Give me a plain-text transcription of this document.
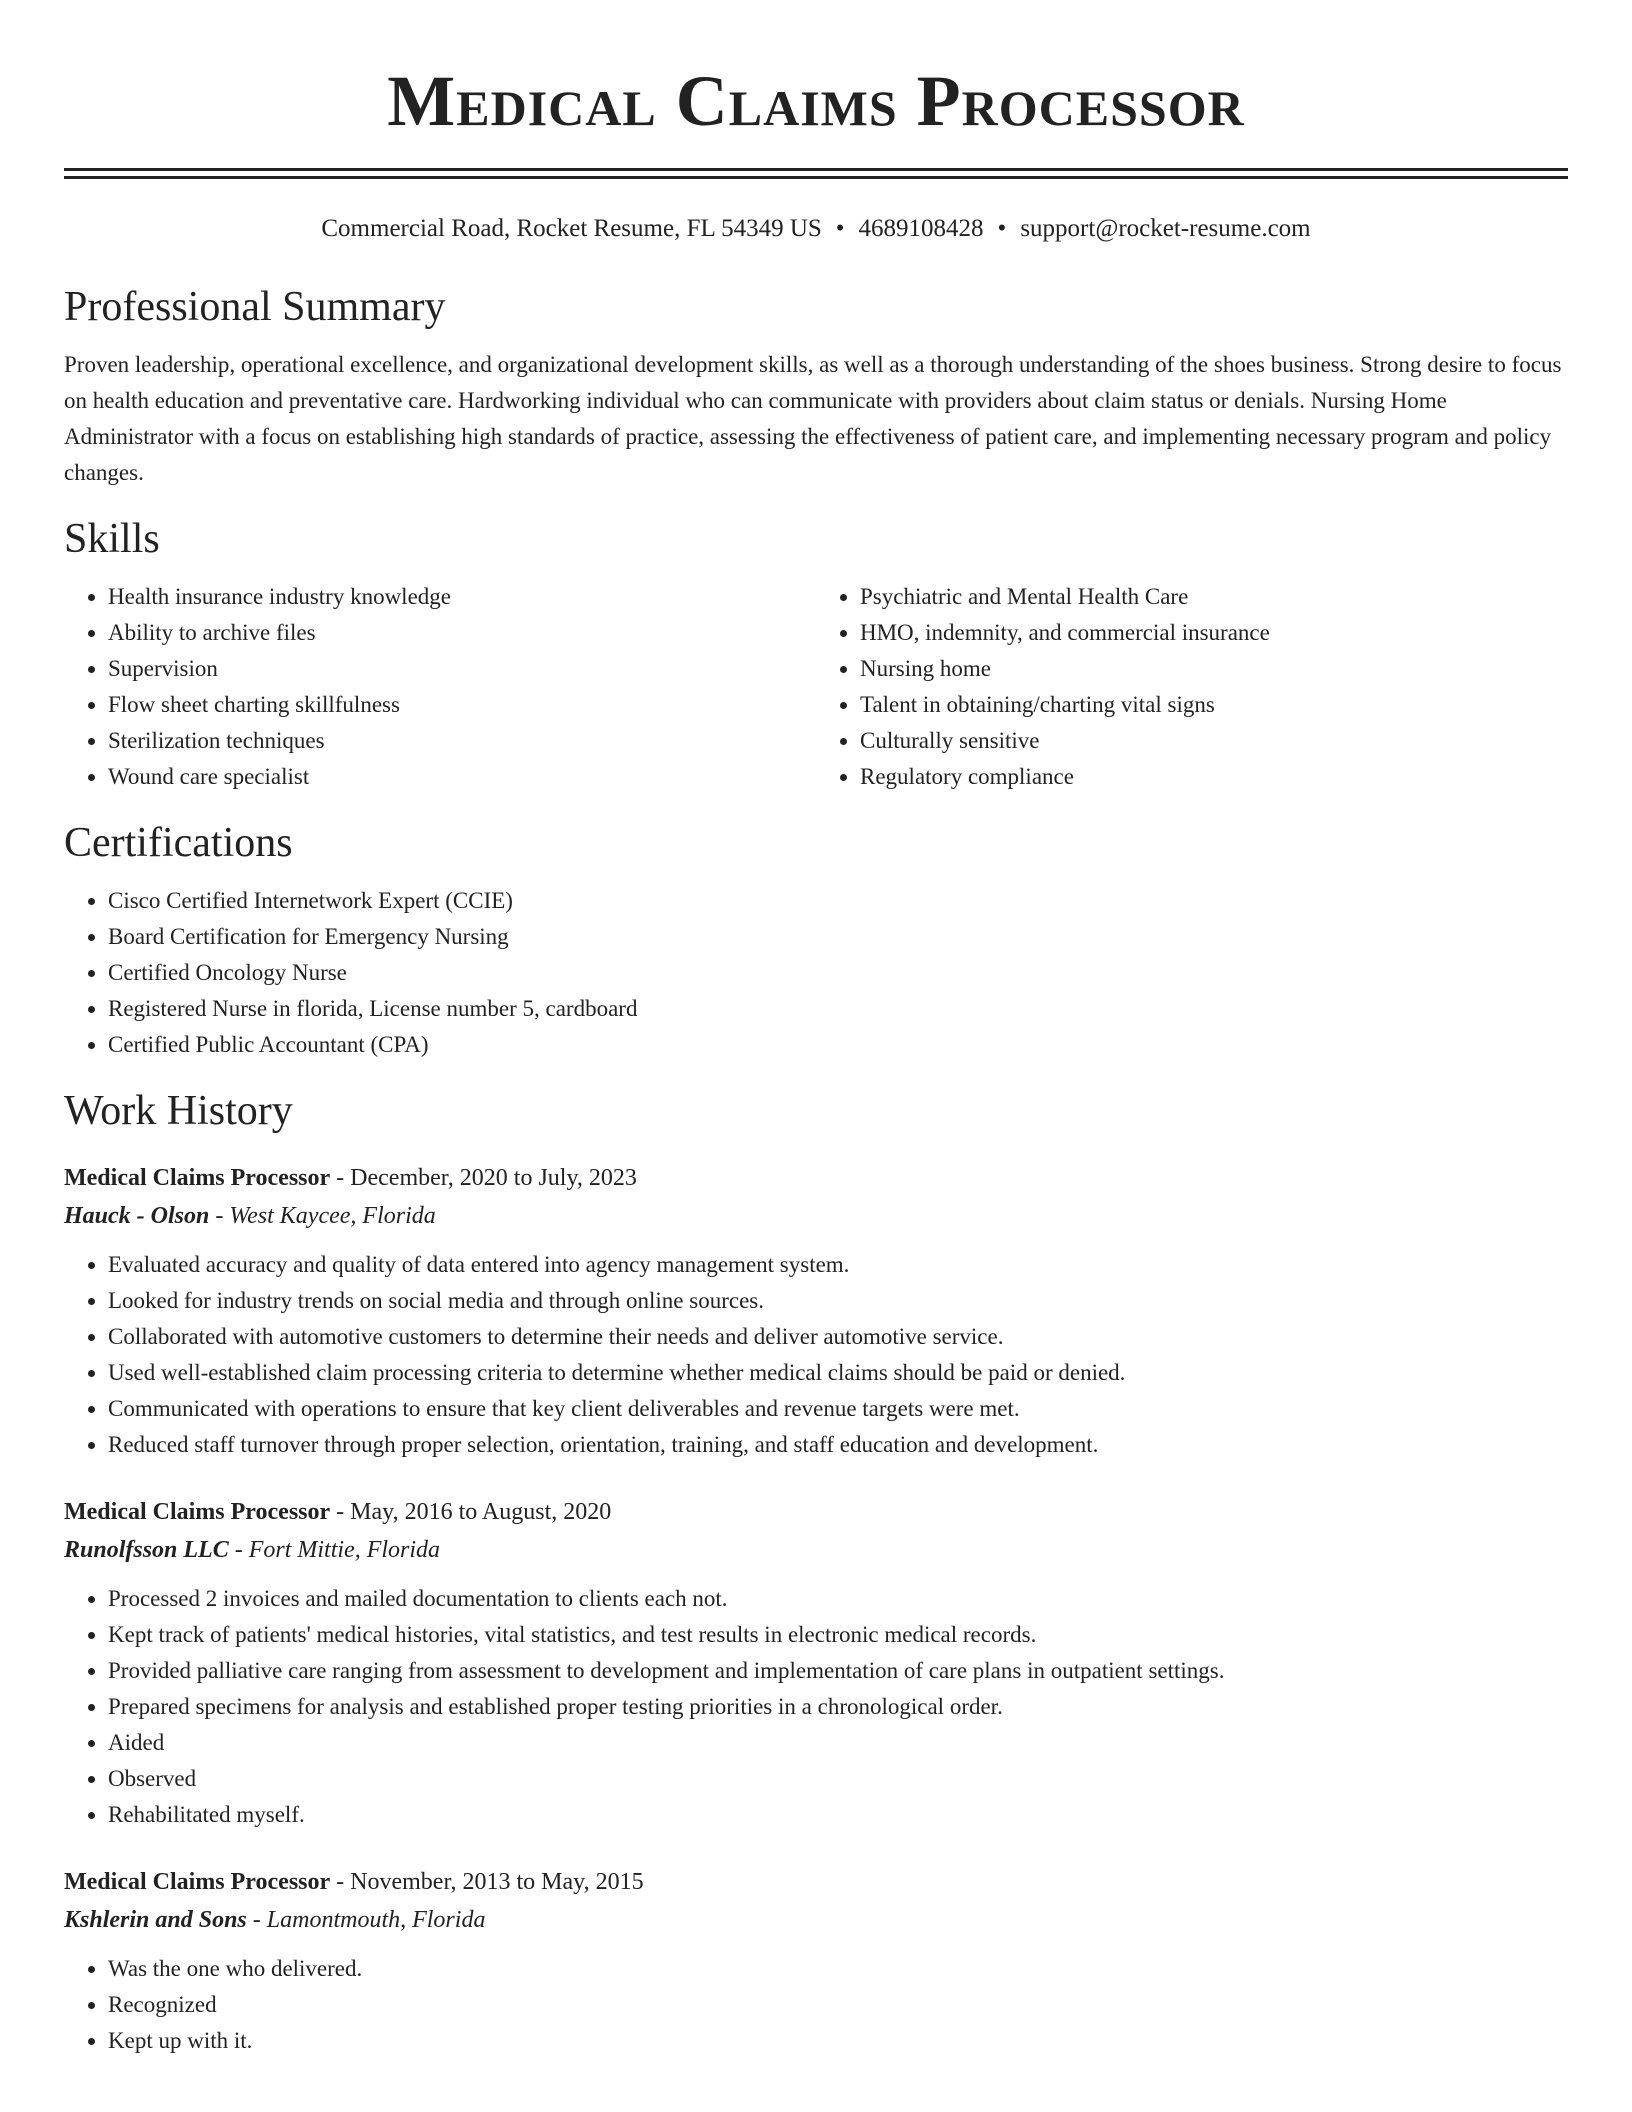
Medical Claims Processor
Commercial Road, Rocket Resume, FL 54349 US • 4689108428 • support@rocket-resume.com
Professional Summary
Proven leadership, operational excellence, and organizational development skills, as well as a thorough understanding of the shoes business. Strong desire to focus on health education and preventative care. Hardworking individual who can communicate with providers about claim status or denials. Nursing Home Administrator with a focus on establishing high standards of practice, assessing the effectiveness of patient care, and implementing necessary program and policy changes.
Skills
• Health insurance industry knowledge
• Ability to archive files
• Supervision
• Flow sheet charting skillfulness
• Sterilization techniques
• Wound care specialist
• Psychiatric and Mental Health Care
• HMO, indemnity, and commercial insurance
• Nursing home
• Talent in obtaining/charting vital signs
• Culturally sensitive
• Regulatory compliance
Certifications
• Cisco Certified Internetwork Expert (CCIE)
• Board Certification for Emergency Nursing
• Certified Oncology Nurse
• Registered Nurse in florida, License number 5, cardboard
• Certified Public Accountant (CPA)
Work History
Medical Claims Processor - December, 2020 to July, 2023
Hauck - Olson - West Kaycee, Florida
• Evaluated accuracy and quality of data entered into agency management system.
• Looked for industry trends on social media and through online sources.
• Collaborated with automotive customers to determine their needs and deliver automotive service.
• Used well-established claim processing criteria to determine whether medical claims should be paid or denied.
• Communicated with operations to ensure that key client deliverables and revenue targets were met.
• Reduced staff turnover through proper selection, orientation, training, and staff education and development.
Medical Claims Processor - May, 2016 to August, 2020
Runolfsson LLC - Fort Mittie, Florida
• Processed 2 invoices and mailed documentation to clients each not.
• Kept track of patients' medical histories, vital statistics, and test results in electronic medical records.
• Provided palliative care ranging from assessment to development and implementation of care plans in outpatient settings.
• Prepared specimens for analysis and established proper testing priorities in a chronological order.
• Aided
• Observed
• Rehabilitated myself.
Medical Claims Processor - November, 2013 to May, 2015
Kshlerin and Sons - Lamontmouth, Florida
• Was the one who delivered.
• Recognized
• Kept up with it.
